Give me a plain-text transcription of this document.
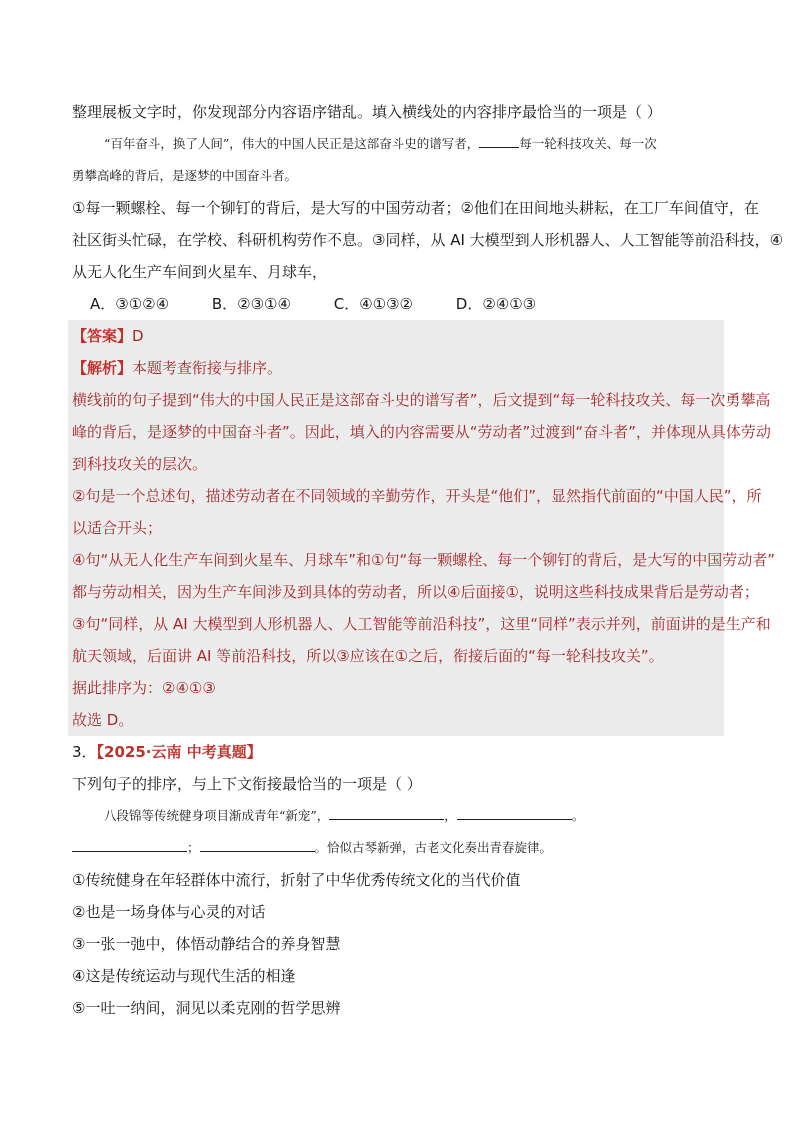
整理展板文字时，你发现部分内容语序错乱。填入横线处的内容排序最恰当的一项是（ ）
“百年奋斗，换了人间”，伟大的中国人民正是这部奋斗史的谱写者，	每一轮科技攻关、每一次
勇攀高峰的背后，是逐梦的中国奋斗者。
①每一颗螺栓、每一个铆钉的背后，是大写的中国劳动者；②他们在田间地头耕耘，在工厂车间值守，在
社区街头忙碌，在学校、科研机构劳作不息。③同样，从 AI 大模型到人形机器人、人工智能等前沿科技，④
从无人化生产车间到火星车、月球车，
A．③①②④	B．②③①④	C．④①③②	D．②④①③
【答案】D
【解析】本题考查衔接与排序。
横线前的句子提到“伟大的中国人民正是这部奋斗史的谱写者”，后文提到“每一轮科技攻关、每一次勇攀高
峰的背后，是逐梦的中国奋斗者”。因此，填入的内容需要从“劳动者”过渡到“奋斗者”，并体现从具体劳动
到科技攻关的层次。
②句是一个总述句，描述劳动者在不同领域的辛勤劳作，开头是“他们”，显然指代前面的“中国人民”，所
以适合开头；
④句“从无人化生产车间到火星车、月球车”和①句“每一颗螺栓、每一个铆钉的背后，是大写的中国劳动者”
都与劳动相关，因为生产车间涉及到具体的劳动者，所以④后面接①，说明这些科技成果背后是劳动者；
③句“同样，从 AI 大模型到人形机器人、人工智能等前沿科技”，这里“同样”表示并列，前面讲的是生产和
航天领域，后面讲 AI 等前沿科技，所以③应该在①之后，衔接后面的“每一轮科技攻关”。
据此排序为：②④①③
故选 D。
3．【2025·云南 中考真题】
下列句子的排序，与上下文衔接最恰当的一项是（ ）
八段锦等传统健身项目渐成青年“新宠”，	，	。
；	。恰似古琴新弹，古老文化奏出青春旋律。
①传统健身在年轻群体中流行，折射了中华优秀传统文化的当代价值
②也是一场身体与心灵的对话
③一张一弛中，体悟动静结合的养身智慧
④这是传统运动与现代生活的相逢
⑤一吐一纳间，洞见以柔克刚的哲学思辨
